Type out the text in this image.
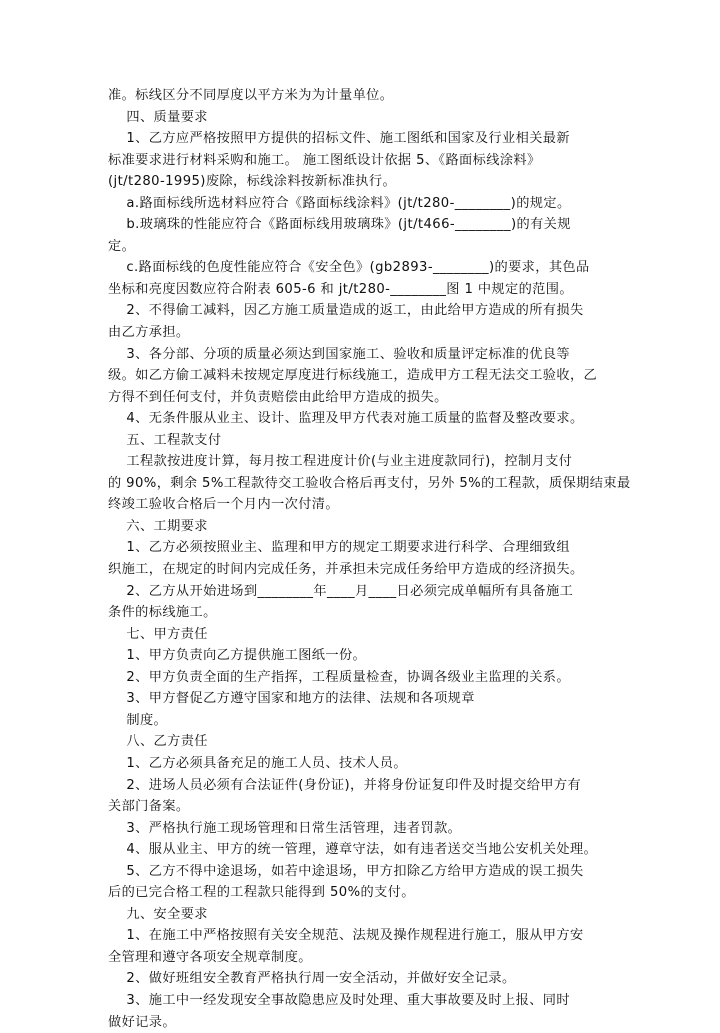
准。标线区分不同厚度以平方米为为计量单位。
四、质量要求
1、乙方应严格按照甲方提供的招标文件、施工图纸和国家及行业相关最新
标准要求进行材料采购和施工。 施工图纸设计依据 5、《路面标线涂料》
(jt/t280-1995)废除，标线涂料按新标准执行。
a.路面标线所选材料应符合《路面标线涂料》(jt/t280-________)的规定。
b.玻璃珠的性能应符合《路面标线用玻璃珠》(jt/t466-________)的有关规
定。
c.路面标线的色度性能应符合《安全色》(gb2893-________)的要求，其色品
坐标和亮度因数应符合附表 605-6 和 jt/t280-________图 1 中规定的范围。
2、不得偷工减料，因乙方施工质量造成的返工，由此给甲方造成的所有损失
由乙方承担。
3、各分部、分项的质量必须达到国家施工、验收和质量评定标准的优良等
级。如乙方偷工减料未按规定厚度进行标线施工，造成甲方工程无法交工验收，乙
方得不到任何支付，并负责赔偿由此给甲方造成的损失。
4、无条件服从业主、设计、监理及甲方代表对施工质量的监督及整改要求。
五、工程款支付
工程款按进度计算，每月按工程进度计价(与业主进度款同行)，控制月支付
的 90%，剩余 5%工程款待交工验收合格后再支付，另外 5%的工程款，质保期结束最
终竣工验收合格后一个月内一次付清。
六、工期要求
1、乙方必须按照业主、监理和甲方的规定工期要求进行科学、合理细致组
织施工，在规定的时间内完成任务，并承担未完成任务给甲方造成的经济损失。
2、乙方从开始进场到________年____月____日必须完成单幅所有具备施工
条件的标线施工。
七、甲方责任
1、甲方负责向乙方提供施工图纸一份。
2、甲方负责全面的生产指挥，工程质量检查，协调各级业主监理的关系。
3、甲方督促乙方遵守国家和地方的法律、法规和各项规章
制度。
八、乙方责任
1、乙方必须具备充足的施工人员、技术人员。
2、进场人员必须有合法证件(身份证)，并将身份证复印件及时提交给甲方有
关部门备案。
3、严格执行施工现场管理和日常生活管理，违者罚款。
4、服从业主、甲方的统一管理，遵章守法，如有违者送交当地公安机关处理。
5、乙方不得中途退场，如若中途退场，甲方扣除乙方给甲方造成的误工损失
后的已完合格工程的工程款只能得到 50%的支付。
九、安全要求
1、在施工中严格按照有关安全规范、法规及操作规程进行施工，服从甲方安
全管理和遵守各项安全规章制度。
2、做好班组安全教育严格执行周一安全活动，并做好安全记录。
3、施工中一经发现安全事故隐患应及时处理、重大事故要及时上报、同时
做好记录。
